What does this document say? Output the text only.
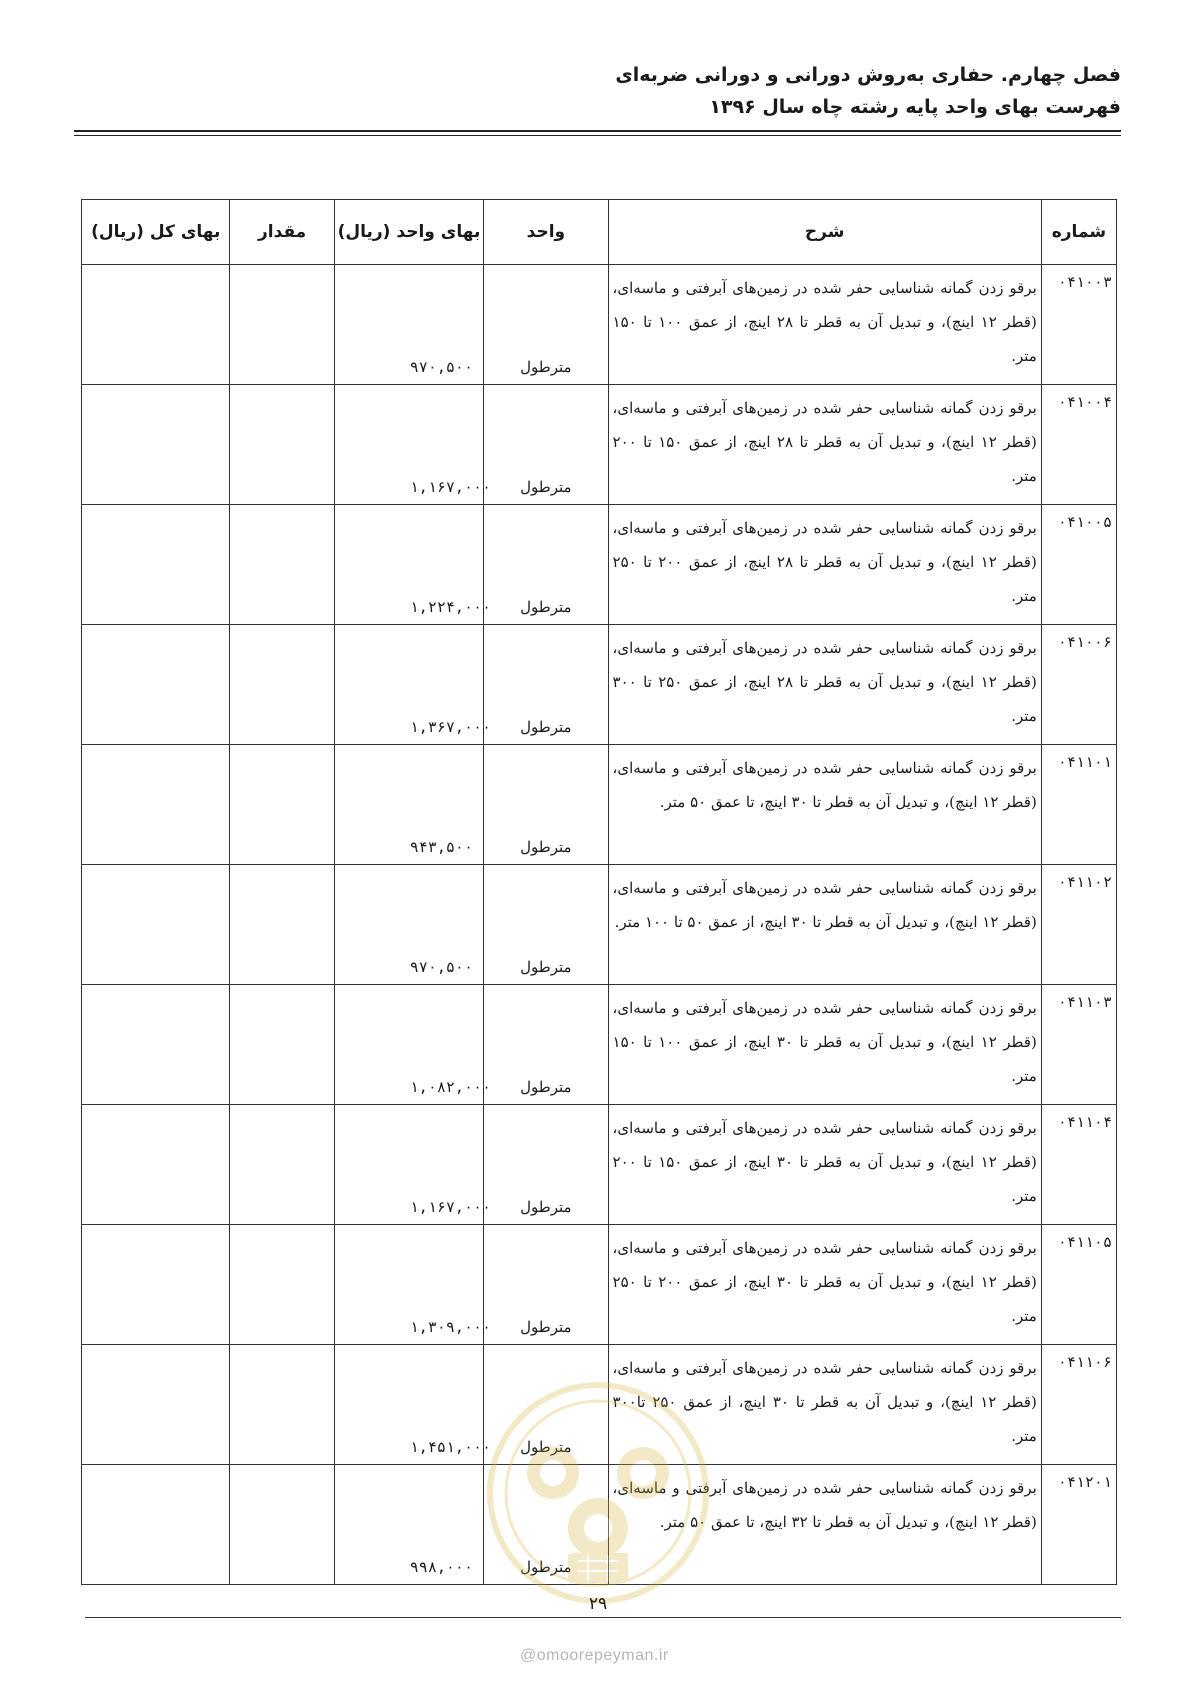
فصل چهارم. حفاری به‌روش دورانی و دورانی ضربه‌ای
فهرست بهای واحد پایه رشته چاه سال ۱۳۹۶
شماره	شرح	واحد	بهای واحد (ریال)	مقدار	بهای کل (ریال)
۰۴۱۰۰۳	برقو زدن گمانه شناسایی حفر شده در زمین‌های آبرفتی و ماسه‌ای، (قطر ۱۲ اینچ)، و تبدیل آن به قطر تا ۲۸ اینچ، از عمق ۱۰۰ تا ۱۵۰ متر.	مترطول	۹۷۰,۵۰۰		
۰۴۱۰۰۴	برقو زدن گمانه شناسایی حفر شده در زمین‌های آبرفتی و ماسه‌ای، (قطر ۱۲ اینچ)، و تبدیل آن به قطر تا ۲۸ اینچ، از عمق ۱۵۰ تا ۲۰۰ متر.	مترطول	۱,۱۶۷,۰۰۰		
۰۴۱۰۰۵	برقو زدن گمانه شناسایی حفر شده در زمین‌های آبرفتی و ماسه‌ای، (قطر ۱۲ اینچ)، و تبدیل آن به قطر تا ۲۸ اینچ، از عمق ۲۰۰ تا ۲۵۰ متر.	مترطول	۱,۲۲۴,۰۰۰		
۰۴۱۰۰۶	برقو زدن گمانه شناسایی حفر شده در زمین‌های آبرفتی و ماسه‌ای، (قطر ۱۲ اینچ)، و تبدیل آن به قطر تا ۲۸ اینچ، از عمق ۲۵۰ تا ۳۰۰ متر.	مترطول	۱,۳۶۷,۰۰۰		
۰۴۱۱۰۱	برقو زدن گمانه شناسایی حفر شده در زمین‌های آبرفتی و ماسه‌ای، (قطر ۱۲ اینچ)، و تبدیل آن به قطر تا ۳۰ اینچ، تا عمق ۵۰ متر.	مترطول	۹۴۳,۵۰۰		
۰۴۱۱۰۲	برقو زدن گمانه شناسایی حفر شده در زمین‌های آبرفتی و ماسه‌ای، (قطر ۱۲ اینچ)، و تبدیل آن به قطر تا ۳۰ اینچ، از عمق ۵۰ تا ۱۰۰ متر.	مترطول	۹۷۰,۵۰۰		
۰۴۱۱۰۳	برقو زدن گمانه شناسایی حفر شده در زمین‌های آبرفتی و ماسه‌ای، (قطر ۱۲ اینچ)، و تبدیل آن به قطر تا ۳۰ اینچ، از عمق ۱۰۰ تا ۱۵۰ متر.	مترطول	۱,۰۸۲,۰۰۰		
۰۴۱۱۰۴	برقو زدن گمانه شناسایی حفر شده در زمین‌های آبرفتی و ماسه‌ای، (قطر ۱۲ اینچ)، و تبدیل آن به قطر تا ۳۰ اینچ، از عمق ۱۵۰ تا ۲۰۰ متر.	مترطول	۱,۱۶۷,۰۰۰		
۰۴۱۱۰۵	برقو زدن گمانه شناسایی حفر شده در زمین‌های آبرفتی و ماسه‌ای، (قطر ۱۲ اینچ)، و تبدیل آن به قطر تا ۳۰ اینچ، از عمق ۲۰۰ تا ۲۵۰ متر.	مترطول	۱,۳۰۹,۰۰۰		
۰۴۱۱۰۶	برقو زدن گمانه شناسایی حفر شده در زمین‌های آبرفتی و ماسه‌ای، (قطر ۱۲ اینچ)، و تبدیل آن به قطر تا ۳۰ اینچ، از عمق ۲۵۰ تا۳۰۰ متر.	مترطول	۱,۴۵۱,۰۰۰		
۰۴۱۲۰۱	برقو زدن گمانه شناسایی حفر شده در زمین‌های آبرفتی و ماسه‌ای، (قطر ۱۲ اینچ)، و تبدیل آن به قطر تا ۳۲ اینچ، تا عمق ۵۰ متر.	مترطول	۹۹۸,۰۰۰		
۲۹
@omoorepeyman.ir
